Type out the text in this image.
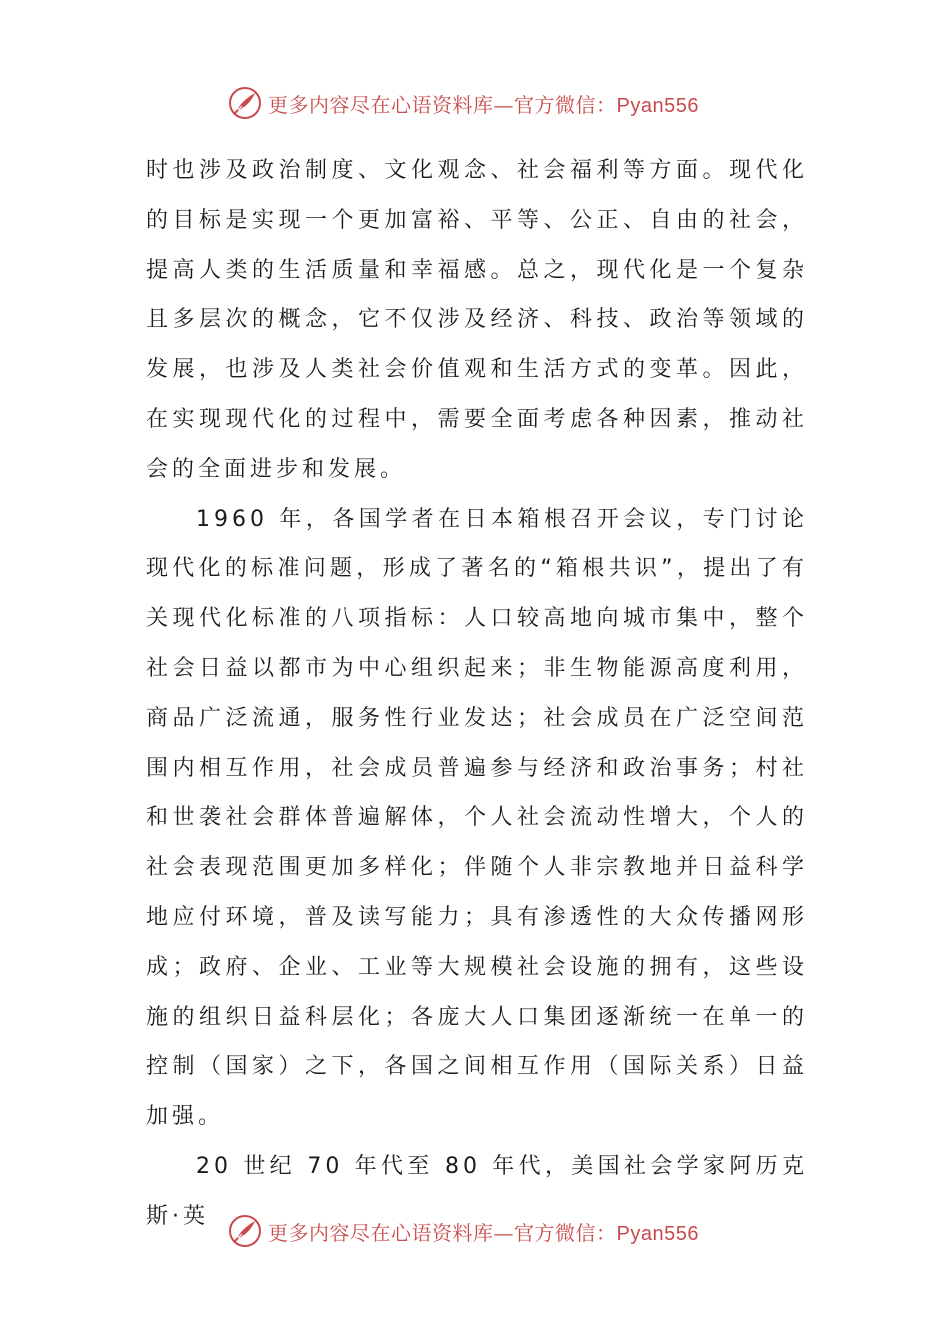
更多内容尽在心语资料库—官方微信：Pyan556

时也涉及政治制度、文化观念、社会福利等方面。现代化的目标是实现一个更加富裕、平等、公正、自由的社会，提高人类的生活质量和幸福感。总之，现代化是一个复杂且多层次的概念，它不仅涉及经济、科技、政治等领域的发展，也涉及人类社会价值观和生活方式的变革。因此，在实现现代化的过程中，需要全面考虑各种因素，推动社会的全面进步和发展。

1960 年，各国学者在日本箱根召开会议，专门讨论现代化的标准问题，形成了著名的“箱根共识”，提出了有关现代化标准的八项指标：人口较高地向城市集中，整个社会日益以都市为中心组织起来；非生物能源高度利用，商品广泛流通，服务性行业发达；社会成员在广泛空间范围内相互作用，社会成员普遍参与经济和政治事务；村社和世袭社会群体普遍解体，个人社会流动性增大，个人的社会表现范围更加多样化；伴随个人非宗教地并日益科学地应付环境，普及读写能力；具有渗透性的大众传播网形成；政府、企业、工业等大规模社会设施的拥有，这些设施的组织日益科层化；各庞大人口集团逐渐统一在单一的控制（国家）之下，各国之间相互作用（国际关系）日益加强。

20 世纪 70 年代至 80 年代，美国社会学家阿历克斯·英

更多内容尽在心语资料库—官方微信：Pyan556
